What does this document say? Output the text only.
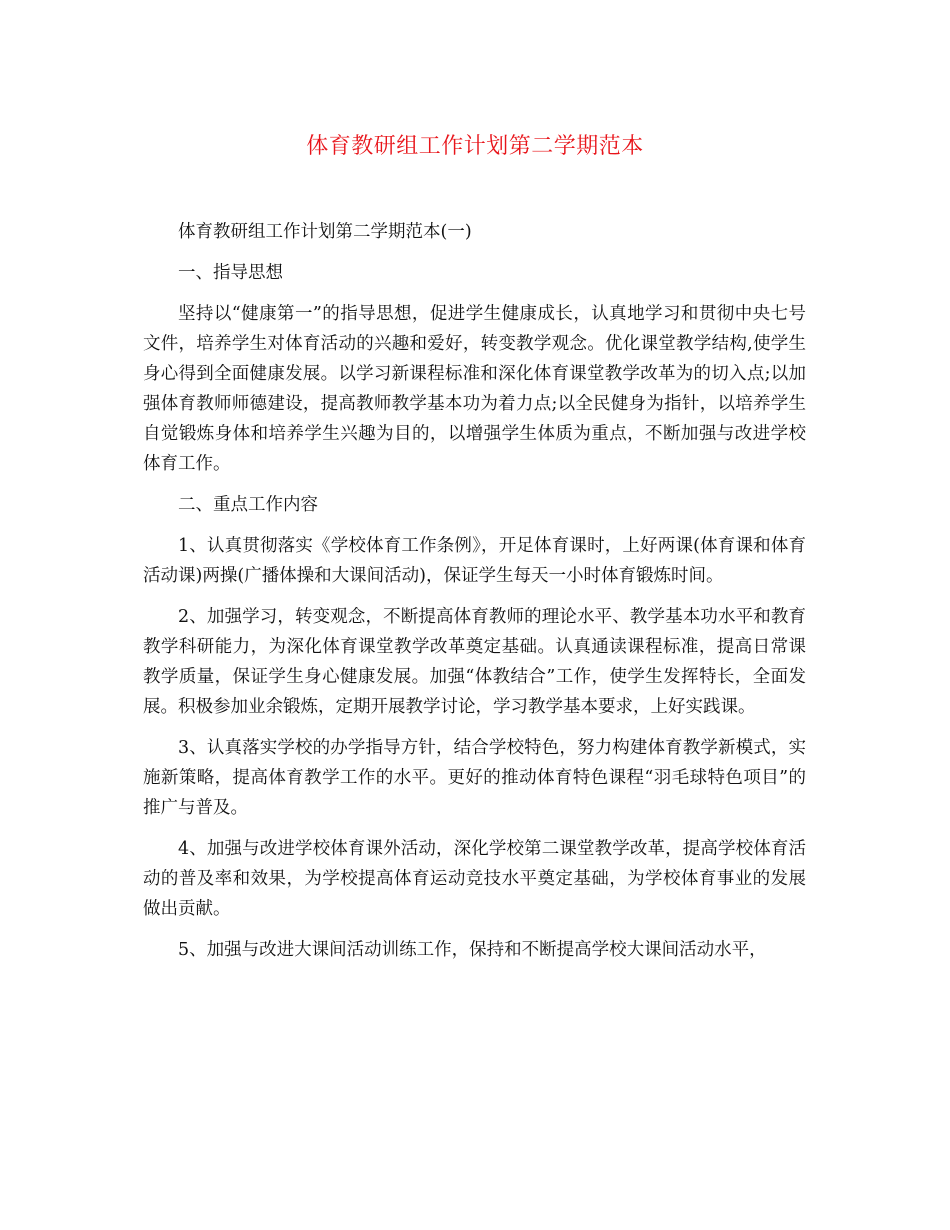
体育教研组工作计划第二学期范本

体育教研组工作计划第二学期范本(一)

一、指导思想

坚持以“健康第一”的指导思想，促进学生健康成长，认真地学习和贯彻中央七号文件，培养学生对体育活动的兴趣和爱好，转变教学观念。优化课堂教学结构,使学生身心得到全面健康发展。以学习新课程标准和深化体育课堂教学改革为的切入点;以加强体育教师师德建设，提高教师教学基本功为着力点;以全民健身为指针，以培养学生自觉锻炼身体和培养学生兴趣为目的，以增强学生体质为重点，不断加强与改进学校体育工作。

二、重点工作内容

1、认真贯彻落实《学校体育工作条例》，开足体育课时，上好两课(体育课和体育活动课)两操(广播体操和大课间活动)，保证学生每天一小时体育锻炼时间。

2、加强学习，转变观念，不断提高体育教师的理论水平、教学基本功水平和教育教学科研能力，为深化体育课堂教学改革奠定基础。认真通读课程标准，提高日常课教学质量，保证学生身心健康发展。加强“体教结合”工作，使学生发挥特长，全面发展。积极参加业余锻炼，定期开展教学讨论，学习教学基本要求，上好实践课。

3、认真落实学校的办学指导方针，结合学校特色，努力构建体育教学新模式，实施新策略，提高体育教学工作的水平。更好的推动体育特色课程“羽毛球特色项目”的推广与普及。

4、加强与改进学校体育课外活动，深化学校第二课堂教学改革，提高学校体育活动的普及率和效果，为学校提高体育运动竞技水平奠定基础，为学校体育事业的发展做出贡献。

5、加强与改进大课间活动训练工作，保持和不断提高学校大课间活动水平，
